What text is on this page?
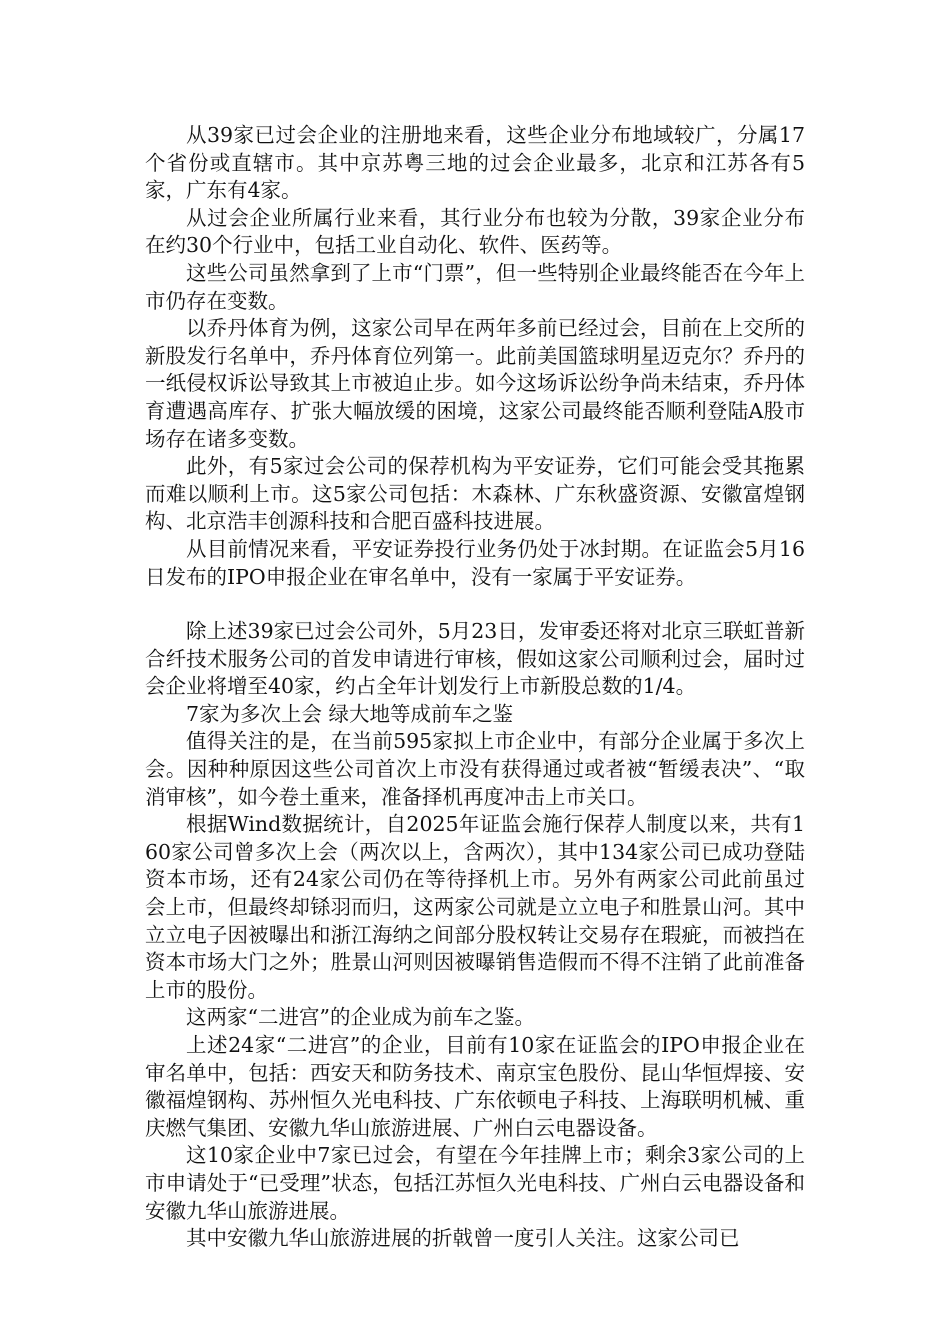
从39家已过会企业的注册地来看，这些企业分布地域较广，分属17个省份或直辖市。其中京苏粤三地的过会企业最多，北京和江苏各有5家，广东有4家。

从过会企业所属行业来看，其行业分布也较为分散，39家企业分布在约30个行业中，包括工业自动化、软件、医药等。

这些公司虽然拿到了上市“门票”，但一些特别企业最终能否在今年上市仍存在变数。

以乔丹体育为例，这家公司早在两年多前已经过会，目前在上交所的新股发行名单中，乔丹体育位列第一。此前美国篮球明星迈克尔？乔丹的一纸侵权诉讼导致其上市被迫止步。如今这场诉讼纷争尚未结束，乔丹体育遭遇高库存、扩张大幅放缓的困境，这家公司最终能否顺利登陆A股市场存在诸多变数。

此外，有5家过会公司的保荐机构为平安证券，它们可能会受其拖累而难以顺利上市。这5家公司包括：木森林、广东秋盛资源、安徽富煌钢构、北京浩丰创源科技和合肥百盛科技进展。

从目前情况来看，平安证券投行业务仍处于冰封期。在证监会5月16日发布的IPO申报企业在审名单中，没有一家属于平安证券。

除上述39家已过会公司外，5月23日，发审委还将对北京三联虹普新合纤技术服务公司的首发申请进行审核，假如这家公司顺利过会，届时过会企业将增至40家，约占全年计划发行上市新股总数的1/4。

7家为多次上会 绿大地等成前车之鉴

值得关注的是，在当前595家拟上市企业中，有部分企业属于多次上会。因种种原因这些公司首次上市没有获得通过或者被“暂缓表决”、“取消审核”，如今卷土重来，准备择机再度冲击上市关口。

根据Wind数据统计，自2025年证监会施行保荐人制度以来，共有160家公司曾多次上会（两次以上，含两次），其中134家公司已成功登陆资本市场，还有24家公司仍在等待择机上市。另外有两家公司此前虽过会上市，但最终却铩羽而归，这两家公司就是立立电子和胜景山河。其中立立电子因被曝出和浙江海纳之间部分股权转让交易存在瑕疵，而被挡在资本市场大门之外；胜景山河则因被曝销售造假而不得不注销了此前准备上市的股份。

这两家“二进宫”的企业成为前车之鉴。

上述24家“二进宫”的企业，目前有10家在证监会的IPO申报企业在审名单中，包括：西安天和防务技术、南京宝色股份、昆山华恒焊接、安徽福煌钢构、苏州恒久光电科技、广东依顿电子科技、上海联明机械、重庆燃气集团、安徽九华山旅游进展、广州白云电器设备。

这10家企业中7家已过会，有望在今年挂牌上市；剩余3家公司的上市申请处于“已受理”状态，包括江苏恒久光电科技、广州白云电器设备和安徽九华山旅游进展。

其中安徽九华山旅游进展的折戟曾一度引人关注。这家公司已
